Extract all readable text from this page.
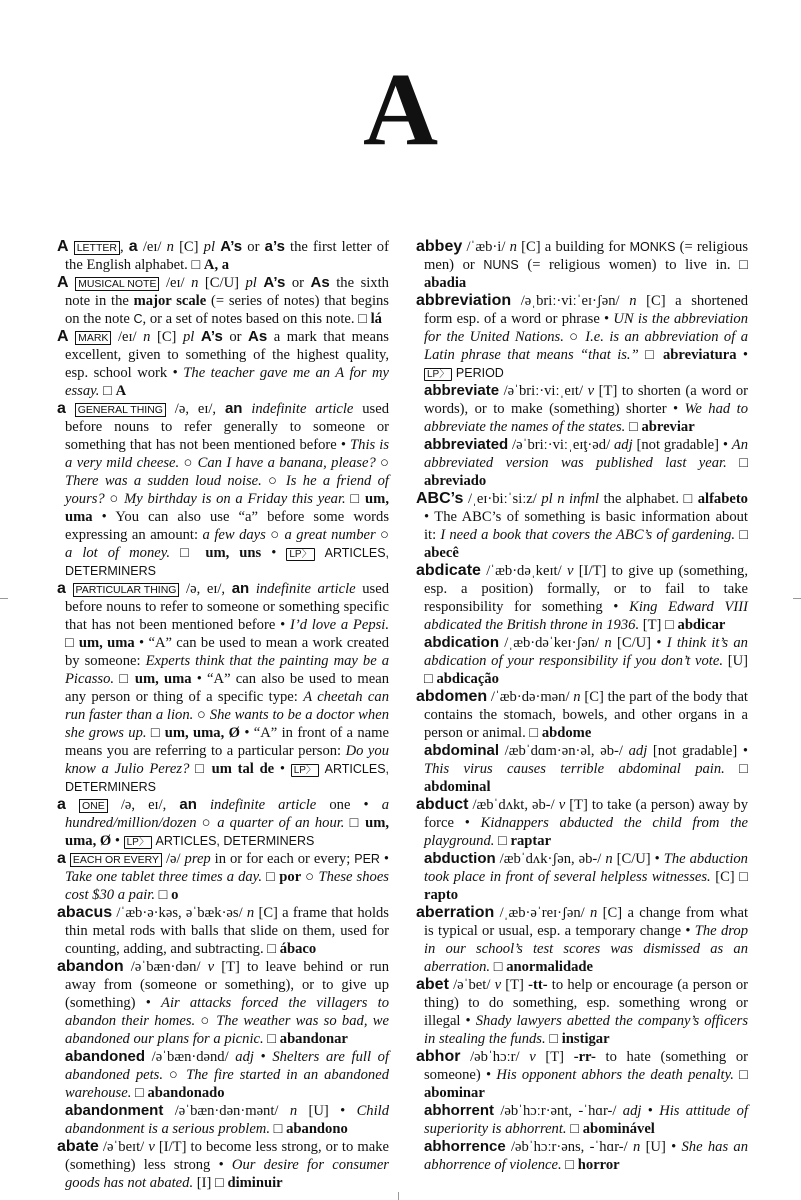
A

A LETTER , a /eɪ/ n [C] pl A’s or a’s the first letter of the English alphabet. □ A, a

A MUSICAL NOTE /eɪ/ n [C/U] pl A’s or As the sixth note in the major scale (= series of notes) that begins on the note C, or a set of notes based on this note. □ lá

A MARK /eɪ/ n [C] pl A’s or As a mark that means excellent, given to something of the highest quality, esp. school work • The teacher gave me an A for my essay. □ A

a GENERAL THING /ə, eɪ/, an indefinite article used before nouns to refer generally to someone or something that has not been mentioned before • This is a very mild cheese. ○ Can I have a banana, please? ○ There was a sudden loud noise. ○ Is he a friend of yours? ○ My birthday is on a Friday this year. □ um, uma • You can also use “a” before some words expressing an amount: a few days ○ a great number ○ a lot of money. □ um, uns • LP〉 ARTICLES, DETERMINERS

a PARTICULAR THING /ə, eɪ/, an indefinite article used before nouns to refer to someone or something specific that has not been mentioned before • I’d love a Pepsi. □ um, uma • “A” can be used to mean a work created by someone: Experts think that the painting may be a Picasso. □ um, uma • “A” can also be used to mean any person or thing of a specific type: A cheetah can run faster than a lion. ○ She wants to be a doctor when she grows up. □ um, uma, Ø • “A” in front of a name means you are referring to a particular person: Do you know a Julio Perez? □ um tal de • LP〉 ARTICLES, DETERMINERS

a ONE /ə, eɪ/, an indefinite article one • a hundred/million/dozen ○ a quarter of an hour. □ um, uma, Ø • LP〉 ARTICLES, DETERMINERS

a EACH OR EVERY /ə/ prep in or for each or every; PER • Take one tablet three times a day. □ por ○ These shoes cost $30 a pair. □ o

abacus /ˈæb·ə·kəs, əˈbæk·əs/ n [C] a frame that holds thin metal rods with balls that slide on them, used for counting, adding, and subtracting. □ ábaco

abandon /əˈbæn·dən/ v [T] to leave behind or run away from (someone or something), or to give up (something) • Air attacks forced the villagers to abandon their homes. ○ The weather was so bad, we abandoned our plans for a picnic. □ abandonar

abandoned /əˈbæn·dənd/ adj • Shelters are full of abandoned pets. ○ The fire started in an abandoned warehouse. □ abandonado

abandonment /əˈbæn·dən·mənt/ n [U] • Child abandonment is a serious problem. □ abandono

abate /əˈbeɪt/ v [I/T] to become less strong, or to make (something) less strong • Our desire for consumer goods has not abated. [I] □ diminuir

abbey /ˈæb·i/ n [C] a building for MONKS (= religious men) or NUNS (= religious women) to live in. □ abadia

abbreviation /əˌbriː·viːˈeɪ·ʃən/ n [C] a shortened form esp. of a word or phrase • UN is the abbreviation for the United Nations. ○ I.e. is an abbreviation of a Latin phrase that means “that is.” □ abreviatura • LP〉 PERIOD

abbreviate /əˈbriː·viːˌeɪt/ v [T] to shorten (a word or words), or to make (something) shorter • We had to abbreviate the names of the states. □ abreviar

abbreviated /əˈbriː·viːˌeɪţ·əd/ adj [not gradable] • An abbreviated version was published last year. □ abreviado

ABC’s /ˌeɪ·biːˈsiːz/ pl n infml the alphabet. □ alfabeto • The ABC’s of something is basic information about it: I need a book that covers the ABC’s of gardening. □ abecê

abdicate /ˈæb·dəˌkeɪt/ v [I/T] to give up (something, esp. a position) formally, or to fail to take responsibility for something • King Edward VIII abdicated the British throne in 1936. [T] □ abdicar

abdication /ˌæb·dəˈkeɪ·ʃən/ n [C/U] • I think it’s an abdication of your responsibility if you don’t vote. [U] □ abdicação

abdomen /ˈæb·də·mən/ n [C] the part of the body that contains the stomach, bowels, and other organs in a person or animal. □ abdome

abdominal /æbˈdɑm·ən·əl, əb-/ adj [not gradable] • This virus causes terrible abdominal pain. □ abdominal

abduct /æbˈdʌkt, əb-/ v [T] to take (a person) away by force • Kidnappers abducted the child from the playground. □ raptar

abduction /æbˈdʌk·ʃən, əb-/ n [C/U] • The abduction took place in front of several helpless witnesses. [C] □ rapto

aberration /ˌæb·əˈreɪ·ʃən/ n [C] a change from what is typical or usual, esp. a temporary change • The drop in our school’s test scores was dismissed as an aberration. □ anormalidade

abet /əˈbet/ v [T] -tt- to help or encourage (a person or thing) to do something, esp. something wrong or illegal • Shady lawyers abetted the company’s officers in stealing the funds. □ instigar

abhor /əbˈhɔːr/ v [T] -rr- to hate (something or someone) • His opponent abhors the death penalty. □ abominar

abhorrent /əbˈhɔːr·ənt, -ˈhɑr-/ adj • His attitude of superiority is abhorrent. □ abominável

abhorrence /əbˈhɔːr·əns, -ˈhɑr-/ n [U] • She has an abhorrence of violence. □ horror
